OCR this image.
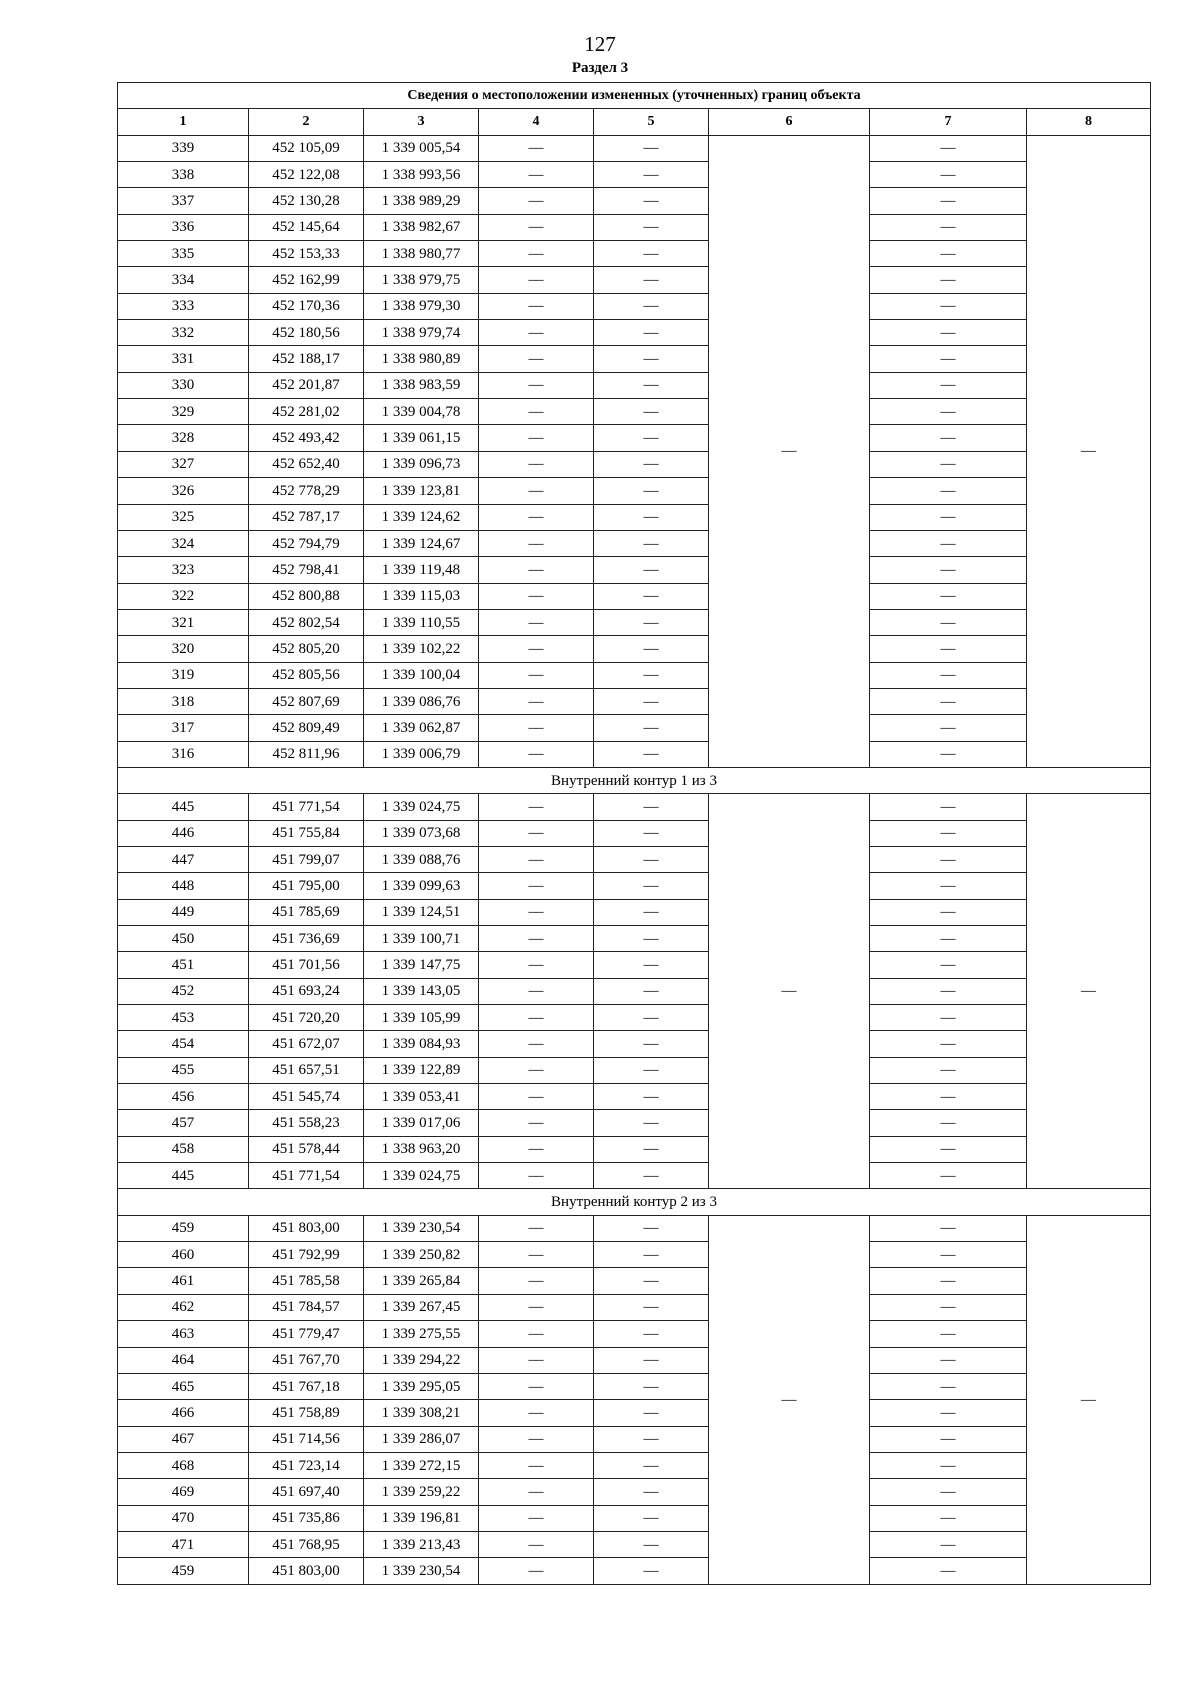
127
Раздел 3
Сведения о местоположении измененных (уточненных) границ объекта							
1	2	3	4	5	6	7	8
339	452 105,09	1 339 005,54	—	—	—	—	—
338	452 122,08	1 338 993,56	—	—		—	
337	452 130,28	1 338 989,29	—	—		—	
336	452 145,64	1 338 982,67	—	—		—	
335	452 153,33	1 338 980,77	—	—		—	
334	452 162,99	1 338 979,75	—	—		—	
333	452 170,36	1 338 979,30	—	—		—	
332	452 180,56	1 338 979,74	—	—		—	
331	452 188,17	1 338 980,89	—	—		—	
330	452 201,87	1 338 983,59	—	—		—	
329	452 281,02	1 339 004,78	—	—		—	
328	452 493,42	1 339 061,15	—	—		—	
327	452 652,40	1 339 096,73	—	—		—	
326	452 778,29	1 339 123,81	—	—		—	
325	452 787,17	1 339 124,62	—	—		—	
324	452 794,79	1 339 124,67	—	—		—	
323	452 798,41	1 339 119,48	—	—		—	
322	452 800,88	1 339 115,03	—	—		—	
321	452 802,54	1 339 110,55	—	—		—	
320	452 805,20	1 339 102,22	—	—		—	
319	452 805,56	1 339 100,04	—	—		—	
318	452 807,69	1 339 086,76	—	—		—	
317	452 809,49	1 339 062,87	—	—		—	
316	452 811,96	1 339 006,79	—	—		—	
Внутренний контур 1 из 3							
445	451 771,54	1 339 024,75	—	—	—	—	—
446	451 755,84	1 339 073,68	—	—		—	
447	451 799,07	1 339 088,76	—	—		—	
448	451 795,00	1 339 099,63	—	—		—	
449	451 785,69	1 339 124,51	—	—		—	
450	451 736,69	1 339 100,71	—	—		—	
451	451 701,56	1 339 147,75	—	—		—	
452	451 693,24	1 339 143,05	—	—		—	
453	451 720,20	1 339 105,99	—	—		—	
454	451 672,07	1 339 084,93	—	—		—	
455	451 657,51	1 339 122,89	—	—		—	
456	451 545,74	1 339 053,41	—	—		—	
457	451 558,23	1 339 017,06	—	—		—	
458	451 578,44	1 338 963,20	—	—		—	
445	451 771,54	1 339 024,75	—	—		—	
Внутренний контур 2 из 3							
459	451 803,00	1 339 230,54	—	—	—	—	—
460	451 792,99	1 339 250,82	—	—		—	
461	451 785,58	1 339 265,84	—	—		—	
462	451 784,57	1 339 267,45	—	—		—	
463	451 779,47	1 339 275,55	—	—		—	
464	451 767,70	1 339 294,22	—	—		—	
465	451 767,18	1 339 295,05	—	—		—	
466	451 758,89	1 339 308,21	—	—		—	
467	451 714,56	1 339 286,07	—	—		—	
468	451 723,14	1 339 272,15	—	—		—	
469	451 697,40	1 339 259,22	—	—		—	
470	451 735,86	1 339 196,81	—	—		—	
471	451 768,95	1 339 213,43	—	—		—	
459	451 803,00	1 339 230,54	—	—		—	
